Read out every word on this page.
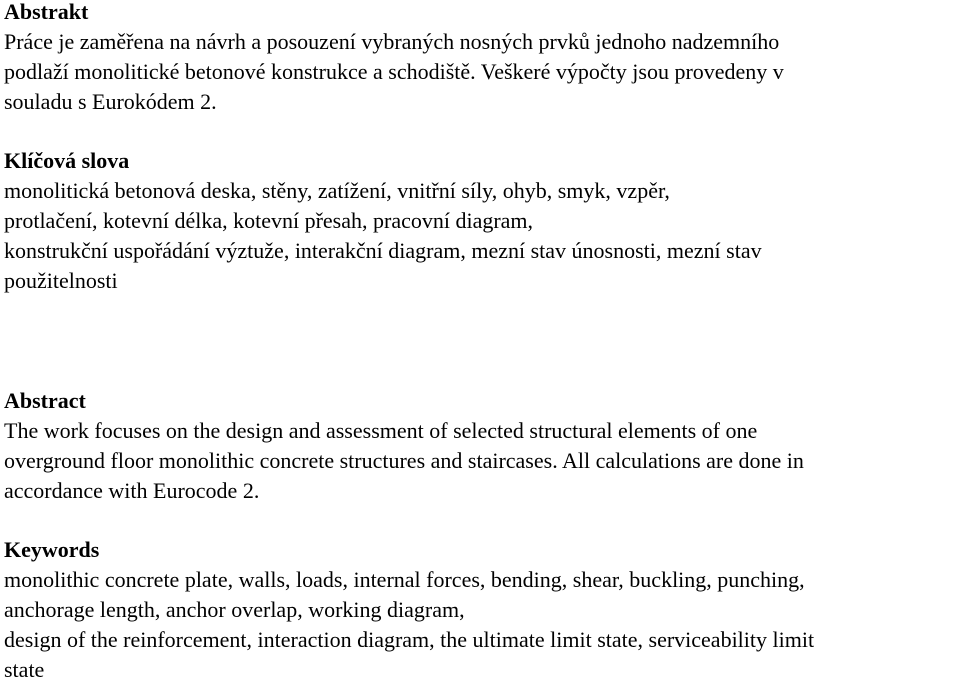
Abstrakt

Práce je zaměřena na návrh a posouzení vybraných nosných prvků jednoho nadzemního
podlaží monolitické betonové konstrukce a schodiště. Veškeré výpočty jsou provedeny v
souladu s Eurokódem 2.

Klíčová slova

monolitická betonová deska, stěny, zatížení, vnitřní síly, ohyb, smyk, vzpěr,
protlačení, kotevní délka, kotevní přesah, pracovní diagram,
konstrukční uspořádání výztuže, interakční diagram, mezní stav únosnosti, mezní stav
použitelnosti

Abstract

The work focuses on the design and assessment of selected structural elements of one
overground floor monolithic concrete structures and staircases. All calculations are done in
accordance with Eurocode 2.

Keywords

monolithic concrete plate, walls, loads, internal forces, bending, shear, buckling, punching,
anchorage length, anchor overlap, working diagram,
design of the reinforcement, interaction diagram, the ultimate limit state, serviceability limit
state
